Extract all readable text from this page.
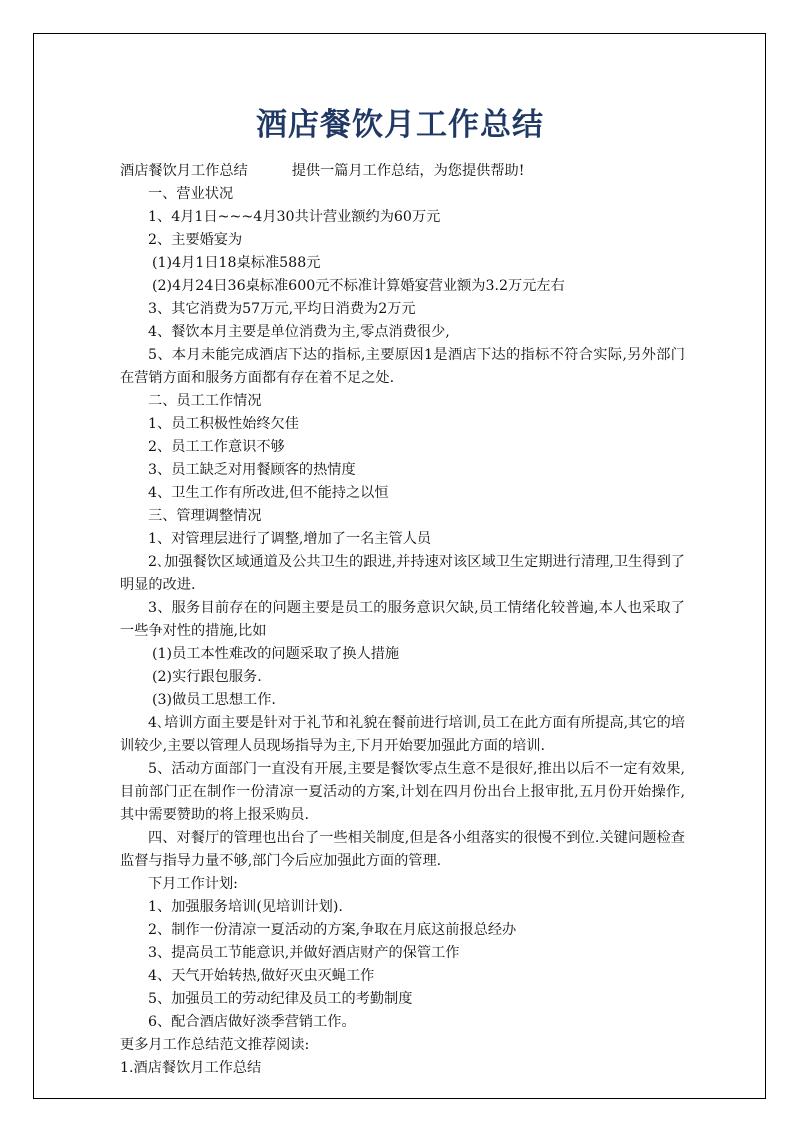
酒店餐饮月工作总结
酒店餐饮月工作总结	提供一篇月工作总结，为您提供帮助!
一、营业状况
1、4月1日~~~4月30共计营业额约为60万元
2、主要婚宴为
(1)4月1日18桌标准588元
(2)4月24日36桌标准600元不标准计算婚宴营业额为3.2万元左右
3、其它消费为57万元,平均日消费为2万元
4、餐饮本月主要是单位消费为主,零点消费很少,
5、本月未能完成酒店下达的指标,主要原因1是酒店下达的指标不符合实际,另外部门在营销方面和服务方面都有存在着不足之处.
二、员工工作情况
1、员工积极性始终欠佳
2、员工工作意识不够
3、员工缺乏对用餐顾客的热情度
4、卫生工作有所改进,但不能持之以恒
三、管理调整情况
1、对管理层进行了调整,增加了一名主管人员
2､加强餐饮区域通道及公共卫生的跟进,并持速对该区域卫生定期进行清理,卫生得到了明显的改进.
3、服务目前存在的问题主要是员工的服务意识欠缺,员工情绪化较普遍,本人也采取了一些争对性的措施,比如
(1)员工本性难改的问题采取了换人措施
(2)实行跟包服务.
(3)做员工思想工作.
4､培训方面主要是针对于礼节和礼貌在餐前进行培训,员工在此方面有所提高,其它的培训较少,主要以管理人员现场指导为主,下月开始要加强此方面的培训.
5、活动方面部门一直没有开展,主要是餐饮零点生意不是很好,推出以后不一定有效果,目前部门正在制作一份清凉一夏活动的方案,计划在四月份出台上报审批,五月份开始操作,其中需要赞助的将上报采购员.
四、对餐厅的管理也出台了一些相关制度,但是各小组落实的很慢不到位.关键问题检查监督与指导力量不够,部门今后应加强此方面的管理.
下月工作计划:
1、加强服务培训(见培训计划).
2、制作一份清凉一夏活动的方案,争取在月底这前报总经办
3、提高员工节能意识,并做好酒店财产的保管工作
4、天气开始转热,做好灭虫灭蝇工作
5、加强员工的劳动纪律及员工的考勤制度
6、配合酒店做好淡季营销工作。
更多月工作总结范文推荐阅读:
1.酒店餐饮月工作总结
